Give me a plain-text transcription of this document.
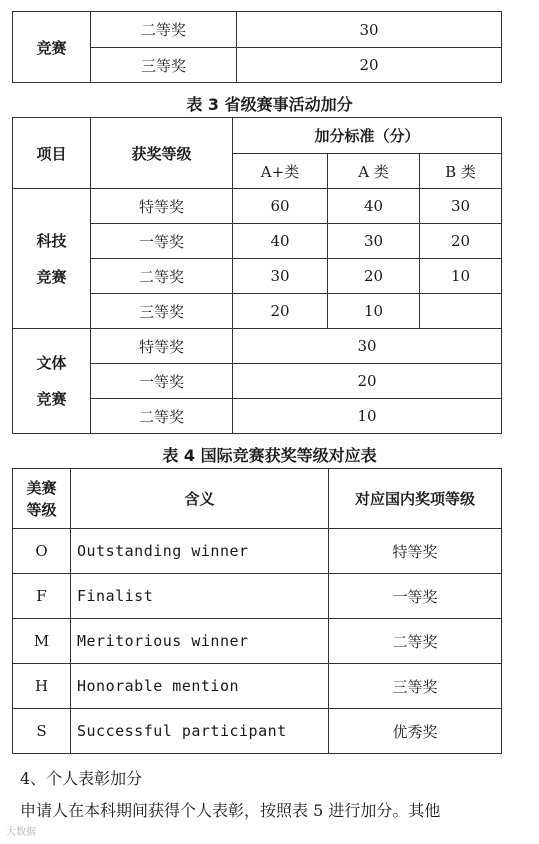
竞赛	二等奖	30
	三等奖	20
表 3 省级赛事活动加分
项目	获奖等级	加分标准（分）		
		A+类	A 类	B 类

科技
竞赛	特等奖	60	40	30
	一等奖	40	30	20
	二等奖	30	20	10
	三等奖	20	10	

文体
竞赛	特等奖	30		
	一等奖	20		
	二等奖	10		
表 4 国际竞赛获奖等级对应表
美赛
等级	含义	对应国内奖项等级
O	Outstanding winner	特等奖
F	Finalist	一等奖
M	Meritorious winner	二等奖
H	Honorable mention	三等奖
S	Successful participant	优秀奖
4、个人表彰加分
申请人在本科期间获得个人表彰，按照表 5 进行加分。其他
大数据
